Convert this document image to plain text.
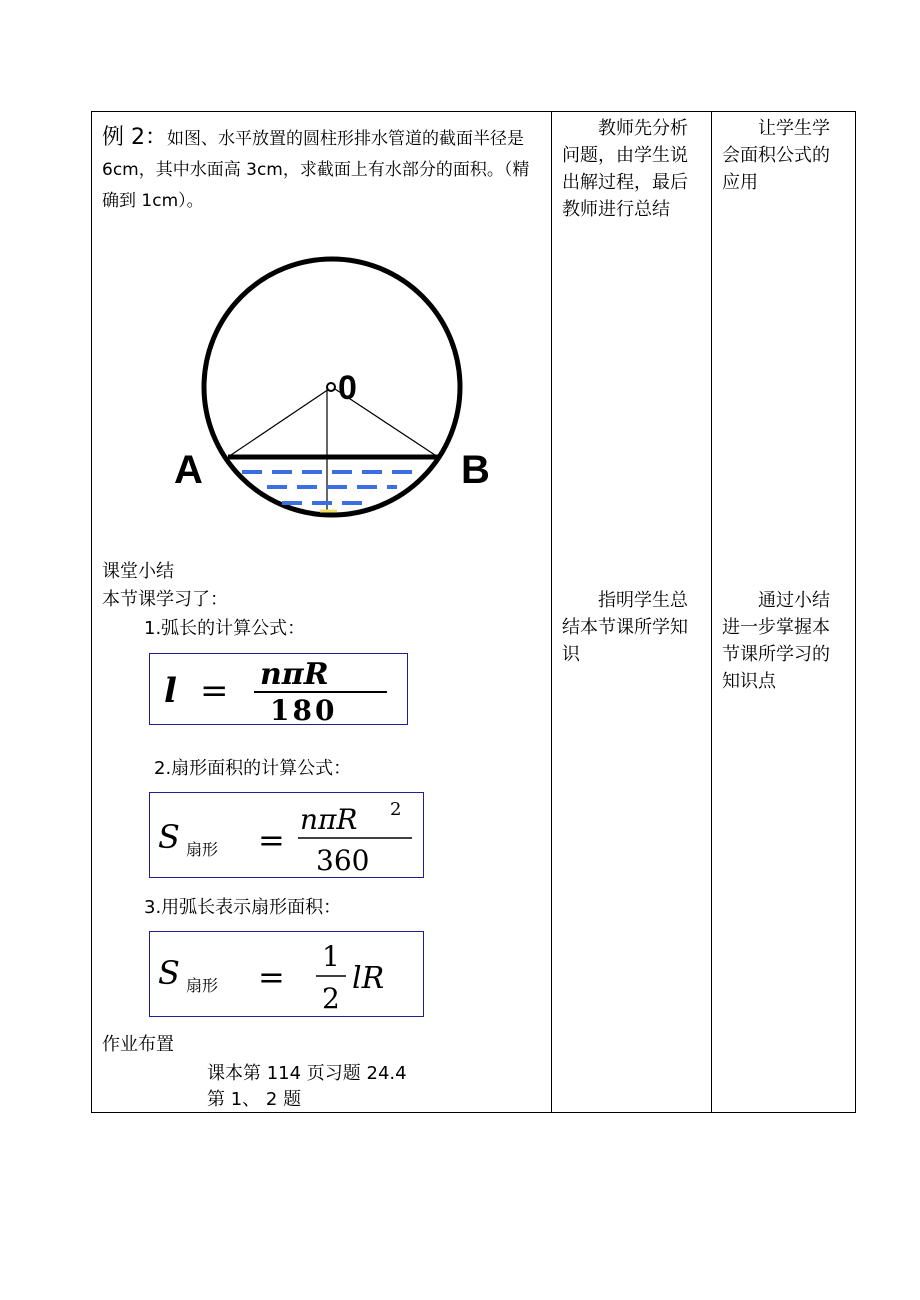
例 2：如图、水平放置的圆柱形排水管道的截面半径是 6cm，其中水面高 3cm，求截面上有水部分的面积。（精确到 1cm）。
教师先分析问题，由学生说出解过程，最后教师进行总结
让学生学会面积公式的应用
0
A	B
课堂小结
本节课学习了：
1.弧长的计算公式：
指明学生总结本节课所学知识
通过小结进一步掌握本节课所学习的知识点
l = nπR
180
2.扇形面积的计算公式：
S 扇形 =
nπR 2
360
3.用弧长表示扇形面积：
S 扇形 =
1
2
lR
作业布置
课本第 114 页习题 24.4
第 1、 2 题
